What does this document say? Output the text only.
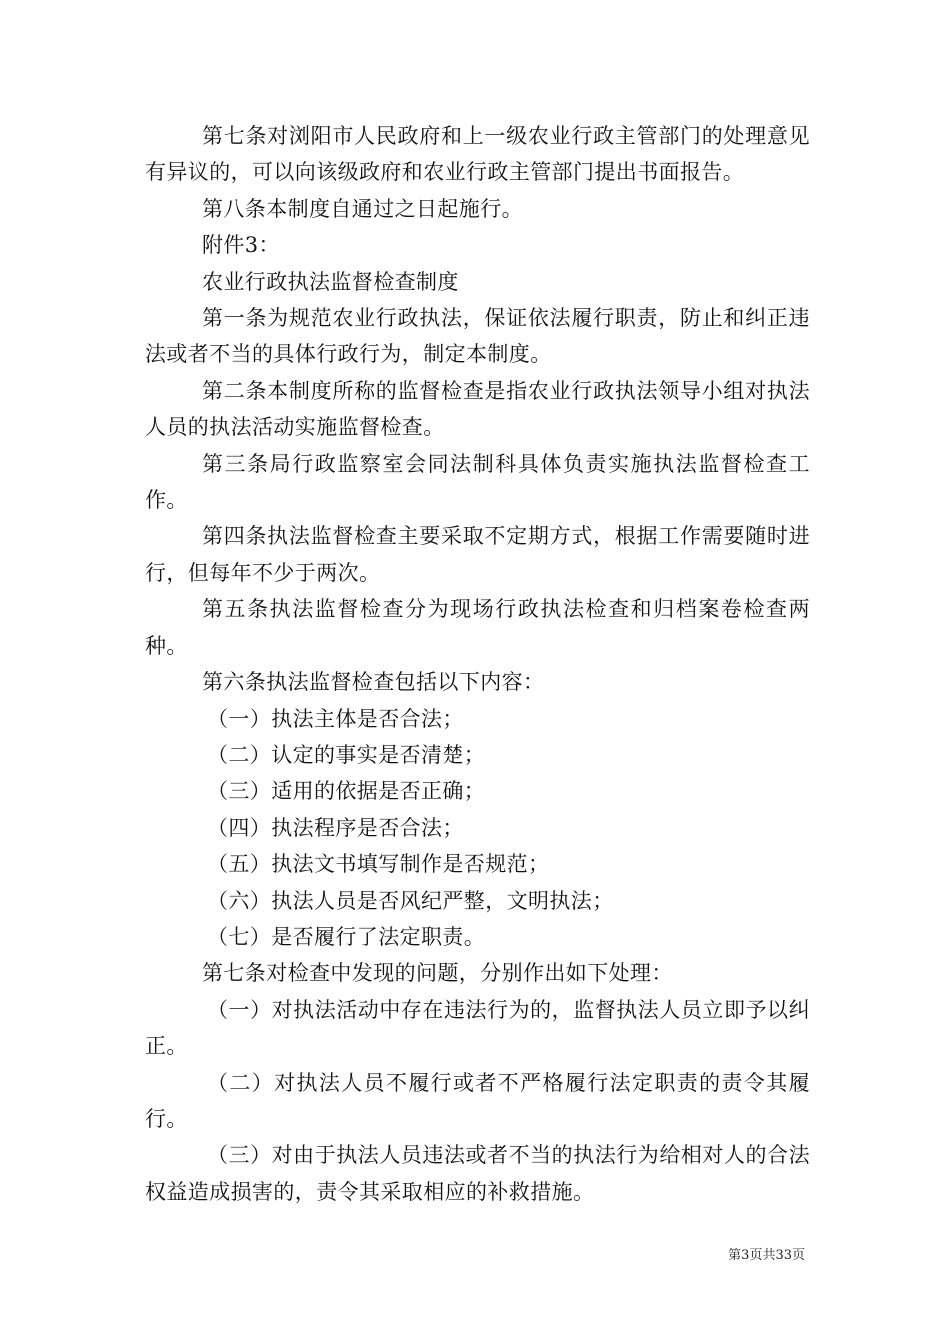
第七条对浏阳市人民政府和上一级农业行政主管部门的处理意见有异议的，可以向该级政府和农业行政主管部门提出书面报告。

第八条本制度自通过之日起施行。

附件3：

农业行政执法监督检查制度

第一条为规范农业行政执法，保证依法履行职责，防止和纠正违法或者不当的具体行政行为，制定本制度。

第二条本制度所称的监督检查是指农业行政执法领导小组对执法人员的执法活动实施监督检查。

第三条局行政监察室会同法制科具体负责实施执法监督检查工作。

第四条执法监督检查主要采取不定期方式，根据工作需要随时进行，但每年不少于两次。

第五条执法监督检查分为现场行政执法检查和归档案卷检查两种。

第六条执法监督检查包括以下内容：

（一）执法主体是否合法；

（二）认定的事实是否清楚；

（三）适用的依据是否正确；

（四）执法程序是否合法；

（五）执法文书填写制作是否规范；

（六）执法人员是否风纪严整，文明执法；

（七）是否履行了法定职责。

第七条对检查中发现的问题，分别作出如下处理：

（一）对执法活动中存在违法行为的，监督执法人员立即予以纠正。

（二）对执法人员不履行或者不严格履行法定职责的责令其履行。

（三）对由于执法人员违法或者不当的执法行为给相对人的合法权益造成损害的，责令其采取相应的补救措施。

第3页共33页
